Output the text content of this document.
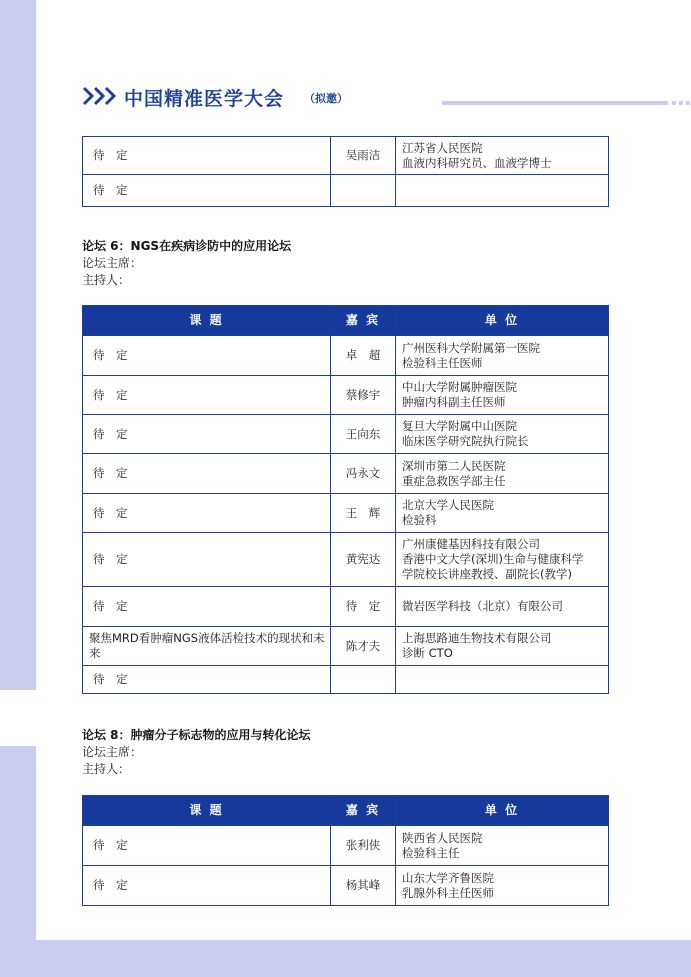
中国精准医学大会 （拟邀）
待　定	吴雨洁	江苏省人民医院
血液内科研究员、血液学博士

待　定		
论坛 6：NGS在疾病诊防中的应用论坛
论坛主席：
主持人：
课 题	嘉 宾	单 位
待　定	卓　超	广州医科大学附属第一医院
检验科主任医师

待　定	蔡修宇	中山大学附属肿瘤医院
肿瘤内科副主任医师

待　定	王向东	复旦大学附属中山医院
临床医学研究院执行院长

待　定	冯永文	深圳市第二人民医院
重症急救医学部主任

待　定	王　辉	北京大学人民医院
检验科

待　定	黄宪达	广州康健基因科技有限公司
香港中文大学(深圳)生命与健康科学
学院校长讲座教授、副院长(教学)

待　定	待　定	微岩医学科技（北京）有限公司

聚焦MRD看肿瘤NGS液体活检技术的现状和未来	陈才夫	上海思路迪生物技术有限公司
诊断 CTO

待　定		
论坛 8：肿瘤分子标志物的应用与转化论坛
论坛主席：
主持人：
课 题	嘉 宾	单 位
待　定	张利侠	陕西省人民医院
检验科主任

待　定	杨其峰	山东大学齐鲁医院
乳腺外科主任医师
